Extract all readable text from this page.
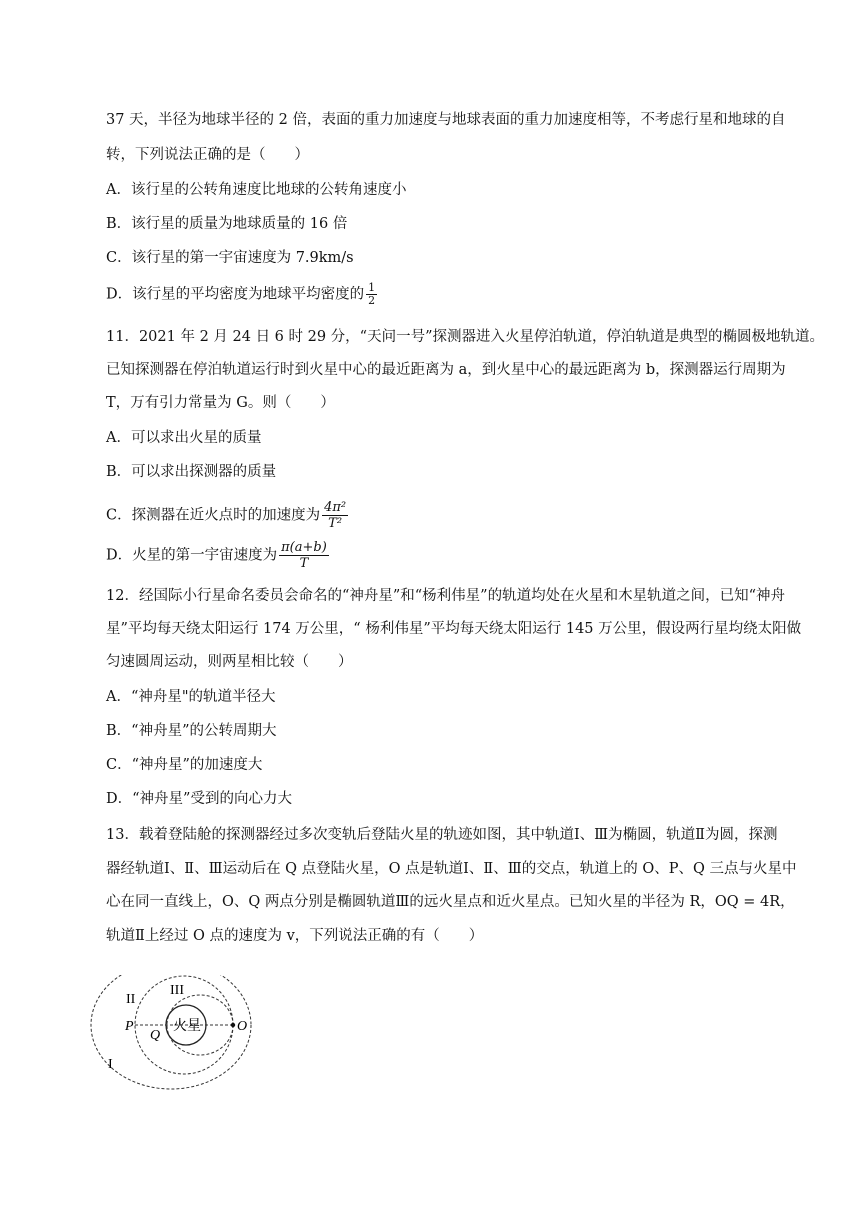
37 天，半径为地球半径的 2 倍，表面的重力加速度与地球表面的重力加速度相等，不考虑行星和地球的自
转，下列说法正确的是（　　）
A．该行星的公转角速度比地球的公转角速度小
B．该行星的质量为地球质量的 16 倍
C．该行星的第一宇宙速度为 7.9km/s
D．该行星的平均密度为地球平均密度的 $\frac{1}{2}$
11．2021 年 2 月 24 日 6 时 29 分，“天问一号”探测器进入火星停泊轨道，停泊轨道是典型的椭圆极地轨道。
已知探测器在停泊轨道运行时到火星中心的最近距离为 a，到火星中心的最远距离为 b，探测器运行周期为
T，万有引力常量为 G。则（　　）
A．可以求出火星的质量
B．可以求出探测器的质量
C．探测器在近火点时的加速度为 $\frac{\text{4π²}}{\text{T²}}$
D．火星的第一宇宙速度为 $\frac{\pi(a+b)}{T}$
12．经国际小行星命名委员会命名的“神舟星”和“杨利伟星”的轨道均处在火星和木星轨道之间，已知“神舟
星”平均每天绕太阳运行 174 万公里，“ 杨利伟星”平均每天绕太阳运行 145 万公里，假设两行星均绕太阳做
匀速圆周运动，则两星相比较（　　）
A．“神舟星"的轨道半径大
B．“神舟星”的公转周期大
C．“神舟星”的加速度大
D．“神舟星”受到的向心力大
13．载着登陆舱的探测器经过多次变轨后登陆火星的轨迹如图，其中轨道Ⅰ、Ⅲ为椭圆，轨道Ⅱ为圆，探测
器经轨道Ⅰ、Ⅱ、Ⅲ运动后在 Q 点登陆火星，O 点是轨道Ⅰ、Ⅱ、Ⅲ的交点，轨道上的 O、P、Q 三点与火星中
心在同一直线上，O、Q 两点分别是椭圆轨道Ⅲ的远火星点和近火星点。已知火星的半径为 R，OQ = 4R，
轨道Ⅱ上经过 O 点的速度为 v，下列说法正确的有（　　）
火星
II
III
I
P
Q
O
